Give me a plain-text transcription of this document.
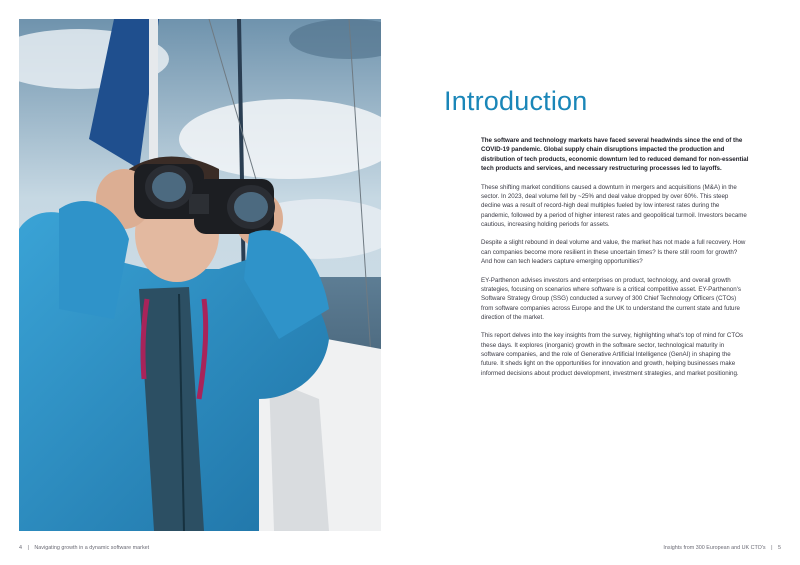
Introduction

The software and technology markets have faced several headwinds since the end of the COVID-19 pandemic. Global supply chain disruptions impacted the production and distribution of tech products, economic downturn led to reduced demand for non-essential tech products and services, and necessary restructuring processes led to layoffs.

These shifting market conditions caused a downturn in mergers and acquisitions (M&A) in the sector. In 2023, deal volume fell by ~25% and deal value dropped by over 60%. This steep decline was a result of record-high deal multiples fueled by low interest rates during the pandemic, followed by a period of higher interest rates and geopolitical turmoil. Investors became cautious, increasing holding periods for assets.

Despite a slight rebound in deal volume and value, the market has not made a full recovery. How can companies become more resilient in these uncertain times? Is there still room for growth? And how can tech leaders capture emerging opportunities?

EY-Parthenon advises investors and enterprises on product, technology, and overall growth strategies, focusing on scenarios where software is a critical competitive asset. EY-Parthenon's Software Strategy Group (SSG) conducted a survey of 300 Chief Technology Officers (CTOs) from software companies across Europe and the UK to understand the current state and future direction of the market.

This report delves into the key insights from the survey, highlighting what's top of mind for CTOs these days. It explores (inorganic) growth in the software sector, technological maturity in software companies, and the role of Generative Artificial Intelligence (GenAI) in shaping the future. It sheds light on the opportunities for innovation and growth, helping businesses make informed decisions about product development, investment strategies, and market positioning.

4 | Navigating growth in a dynamic software market	Insights from 300 European and UK CTO's | 5
